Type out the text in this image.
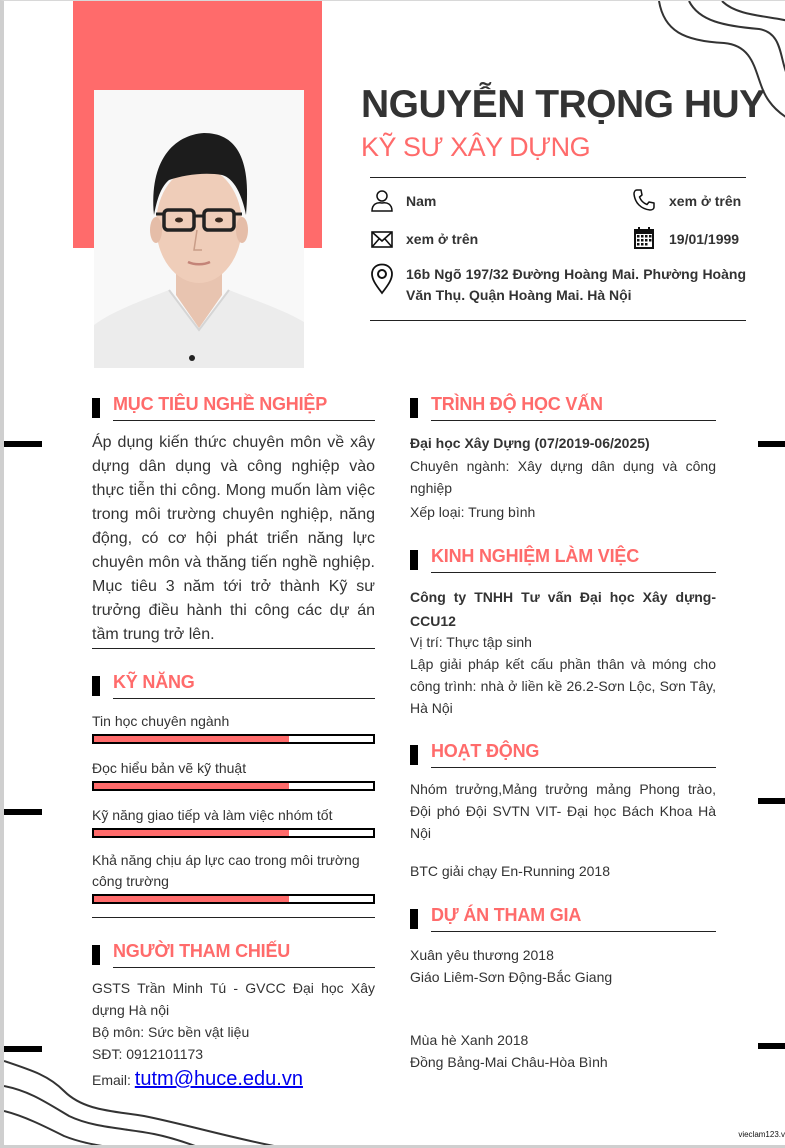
NGUYỄN TRỌNG HUY
KỸ SƯ XÂY DỰNG
Nam	xem ở trên
xem ở trên	19/01/1999
16b Ngõ 197/32 Đường Hoàng Mai. Phường Hoàng Văn Thụ. Quận Hoàng Mai. Hà Nội
MỤC TIÊU NGHỀ NGHIỆP
Áp dụng kiến thức chuyên môn về xây dựng dân dụng và công nghiệp vào thực tiễn thi công. Mong muốn làm việc trong môi trường chuyên nghiệp, năng động, có cơ hội phát triển năng lực chuyên môn và thăng tiến nghề nghiệp. Mục tiêu 3 năm tới trở thành Kỹ sư trưởng điều hành thi công các dự án tầm trung trở lên.
KỸ NĂNG
Tin học chuyên ngành
Đọc hiểu bản vẽ kỹ thuật
Kỹ năng giao tiếp và làm việc nhóm tốt
Khả năng chịu áp lực cao trong môi trường công trường
NGƯỜI THAM CHIẾU
GSTS Trần Minh Tú - GVCC Đại học Xây dựng Hà nội
Bộ môn: Sức bền vật liệu
SĐT: 0912101173
Email: tutm@huce.edu.vn
TRÌNH ĐỘ HỌC VẤN
Đại học Xây Dựng (07/2019-06/2025)
Chuyên ngành: Xây dựng dân dụng và công nghiệp
Xếp loại: Trung bình
KINH NGHIỆM LÀM VIỆC
Công ty TNHH Tư vấn Đại học Xây dựng-CCU12
Vị trí: Thực tập sinh
Lập giải pháp kết cấu phần thân và móng cho công trình: nhà ở liền kề 26.2-Sơn Lộc, Sơn Tây, Hà Nội
HOẠT ĐỘNG
Nhóm trưởng,Mảng trưởng mảng Phong trào, Đội phó Đội SVTN VIT- Đại học Bách Khoa Hà Nội
BTC giải chạy En-Running 2018
DỰ ÁN THAM GIA
Xuân yêu thương 2018
Giáo Liêm-Sơn Động-Bắc Giang
Mùa hè Xanh 2018
Đồng Bảng-Mai Châu-Hòa Bình
vieclam123.v
